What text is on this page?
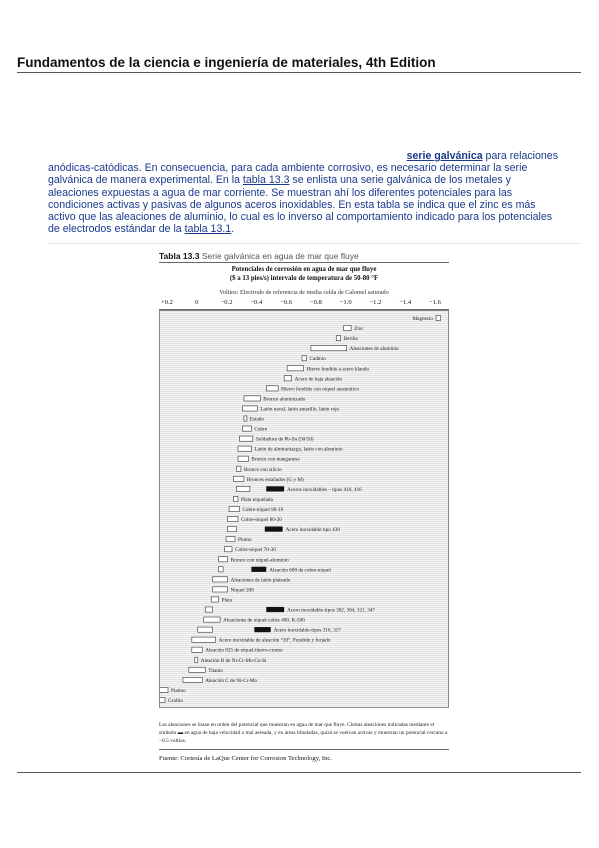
Fundamentos de la ciencia e ingeniería de materiales, 4th Edition
serie galvánica para relaciones
anódicas-catódicas. En consecuencia, para cada ambiente corrosivo, es necesario determinar la serie galvánica de manera experimental. En la tabla 13.3 se enlista una serie galvánica de los metales y aleaciones expuestas a agua de mar corriente. Se muestran ahí los diferentes potenciales para las condiciones activas y pasivas de algunos aceros inoxidables. En esta tabla se indica que el zinc es más activo que las aleaciones de aluminio, lo cual es lo inverso al comportamiento indicado para los potenciales de electrodos estándar de la tabla 13.1.
Tabla 13.3 Serie galvánica en agua de mar que fluye
Potenciales de corrosión en agua de mar que fluye
($ a 13 pies/s) intervalo de temperatura de 50-80 °F
Voltios: Electrodo de referencia de media celda de Calomel saturado
+0.2	0	−0.2	−0.4	−0.6	−0.8	−1.0	−1.2	−1.4	−1.6
Magnesio
Zinc
Berilio
Aleaciones de aluminio
Cadmio
Hierro fundido a acero blando
Acero de baja aleación
Hierro fundido con níquel austenítico
Bronce aluminizado
Latón naval, latón amarillo, latón rojo
Estaño
Cobre
Soldadura de Pb-Sn (50/50)
Latón de almirantazgo, latón con aluminio
Bronce con manganeso
Bronce con silicio
Bronces estañados (G y M)
Aceros inoxidables – tipos 410, 416
Plata niquelada
Cobre-níquel 90-10
Cobre-níquel 80-20
Acero inoxidable tipo 430
Plomo
Cobre-níquel 70-30
Bronce con níquel-aluminio
Aleación 600 de cobre-níquel
Aleaciones de latón plateado
Níquel 200
Plata
Acero inoxidable-tipos 302, 304, 321, 347
Aleaciones de níquel-cobre 400, K-500
Acero inoxidable-tipos 316, 317
Acero inoxidable de aleación “20”, Fundido y forjado
Aleación 825 de níquel-hierro-cromo
Aleación B de Ni-Cr-Mo-Cu-Si
Titanio
Aleación C de Ni-Cr-Mo
Platino
Grafito
Las aleaciones se listan en orden del potencial que muestran en agua de mar que fluye. Ciertas aleaciones indicadas mediante el símbolo ▬ en agua de baja velocidad o mal aereada, y en áreas blindadas, quizá se vuelvan activas y muestran un potencial cercano a −0.5 voltios.
Fuente: Cortesía de LaQue Center for Corrosion Technology, Inc.
